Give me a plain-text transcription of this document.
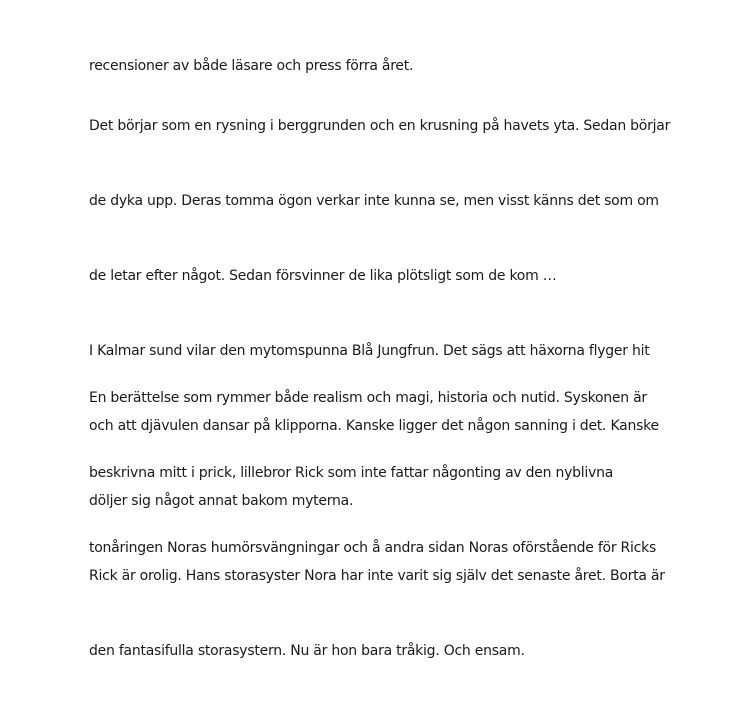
recensioner av både läsare och press förra året.

Det börjar som en rysning i berggrunden och en krusning på havets yta. Sedan börjar

de dyka upp. Deras tomma ögon verkar inte kunna se, men visst känns det som om

de letar efter något. Sedan försvinner de lika plötsligt som de kom …

I Kalmar sund vilar den mytomspunna Blå Jungfrun. Det sägs att häxorna flyger hit

och att djävulen dansar på klipporna. Kanske ligger det någon sanning i det. Kanske

döljer sig något annat bakom myterna.

Rick är orolig. Hans storasyster Nora har inte varit sig själv det senaste året. Borta är

den fantasifulla storasystern. Nu är hon bara tråkig. Och ensam.

En berättelse som rymmer både realism och magi, historia och nutid. Syskonen är

beskrivna mitt i prick, lillebror Rick som inte fattar någonting av den nyblivna

tonåringen Noras humörsvängningar och å andra sidan Noras oförstående för Ricks
